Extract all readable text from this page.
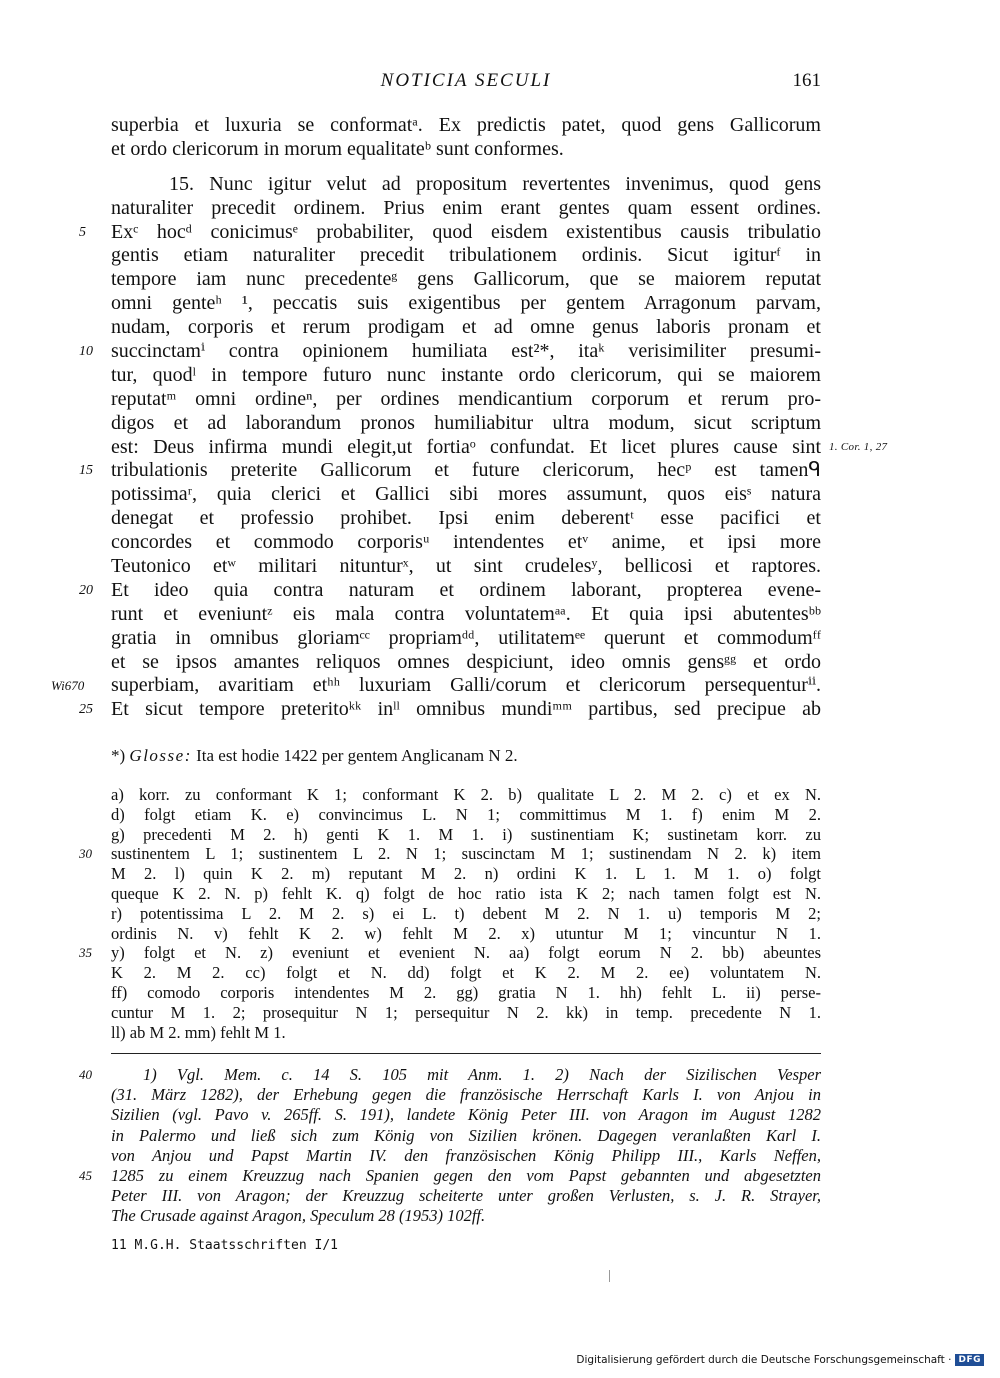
NOTICIA SECULI	161
superbia et luxuria se conformatᵃ. Ex predictis patet, quod gens Gallicorum
et ordo clericorum in morum equalitateᵇ sunt conformes.
15. Nunc igitur velut ad propositum revertentes invenimus, quod gens
naturaliter precedit ordinem. Prius enim erant gentes quam essent ordines.
5	Exᶜ hocᵈ conicimusᵉ probabiliter, quod eisdem existentibus causis tribulatio
gentis etiam naturaliter precedit tribulationem ordinis. Sicut igiturᶠ in
tempore iam nunc precedenteᵍ gens Gallicorum, que se maiorem reputat
omni genteʰ ¹, peccatis suis exigentibus per gentem Arragonum parvam,
nudam, corporis et rerum prodigam et ad omne genus laboris pronam et
10 succinctamⁱ contra opinionem humiliata est²*, itaᵏ verisimiliter presumi-
tur, quodˡ in tempore futuro nunc instante ordo clericorum, qui se maiorem
reputatᵐ omni ordineⁿ, per ordines mendicantium corporum et rerum pro-
digos et ad laborandum pronos humiliabitur ultra modum, sicut scriptum
est: Deus infirma mundi elegit,ut fortiaᵒ confundat. Et licet plures cause sint 1. Cor. 1, 27
15 tribulationis preterite Gallicorum et future clericorum, hecᵖ est tamenᑫ
potissimaʳ, quia clerici et Gallici sibi mores assumunt, quos eisˢ natura
denegat et professio prohibet. Ipsi enim deberentᵗ esse pacifici et
concordes et commodo corporisᵘ intendentes etᵛ anime, et ipsi more
Teutonico etʷ militari nitunturˣ, ut sint crudelesʸ, bellicosi et raptores.
20 Et ideo quia contra naturam et ordinem laborant, propterea evene-
runt et eveniuntᶻ eis mala contra voluntatemᵃᵃ. Et quia ipsi abutentesᵇᵇ
gratia in omnibus gloriamᶜᶜ propriamᵈᵈ, utilitatemᵉᵉ querunt et commodumᶠᶠ
et se ipsos amantes reliquos omnes despiciunt, ideo omnis gensᵍᵍ et ordo
Wi670	superbiam, avaritiam etʰʰ luxuriam Galli/corum et clericorum persequenturⁱⁱ.
25 Et sicut tempore preteritoᵏᵏ inˡˡ omnibus mundiᵐᵐ partibus, sed precipue ab
*) Glosse: Ita est hodie 1422 per gentem Anglicanam N 2.
a) korr. zu conformant K 1; conformant K 2. b) qualitate L 2. M 2. c) et ex N.
d) folgt etiam K. e) convincimus L. N 1; committimus M 1. f) enim M 2.
g) precedenti M 2. h) genti K 1. M 1. i) sustinentiam K; sustinetam korr. zu
30	sustinentem L 1; sustinentem L 2. N 1; suscinctam M 1; sustinendam N 2. k) item
M 2. l) quin K 2. m) reputant M 2. n) ordini K 1. L 1. M 1. o) folgt
queque K 2. N. p) fehlt K. q) folgt de hoc ratio ista K 2; nach tamen folgt est N.
r) potentissima L 2. M 2. s) ei L. t) debent M 2. N 1. u) temporis M 2;
ordinis N. v) fehlt K 2. w) fehlt M 2. x) utuntur M 1; vincuntur N 1.
35	y) folgt et N. z) eveniunt et evenient N. aa) folgt eorum N 2. bb) abeuntes
K 2. M 2. cc) folgt et N. dd) folgt et K 2. M 2. ee) voluntatem N.
ff) comodo corporis intendentes M 2. gg) gratia N 1. hh) fehlt L. ii) perse-
cuntur M 1. 2; prosequitur N 1; persequitur N 2. kk) in temp. precedente N 1.
ll) ab M 2. mm) fehlt M 1.
40	1) Vgl. Mem. c. 14 S. 105 mit Anm. 1. 2) Nach der Sizilischen Vesper
(31. März 1282), der Erhebung gegen die französische Herrschaft Karls I. von Anjou in
Sizilien (vgl. Pavo v. 265ff. S. 191), landete König Peter III. von Aragon im August 1282
in Palermo und ließ sich zum König von Sizilien krönen. Dagegen veranlaßten Karl I.
von Anjou und Papst Martin IV. den französischen König Philipp III., Karls Neffen,
45	1285 zu einem Kreuzzug nach Spanien gegen den vom Papst gebannten und abgesetzten
Peter III. von Aragon; der Kreuzzug scheiterte unter großen Verlusten, s. J. R. Strayer,
The Crusade against Aragon, Speculum 28 (1953) 102ff.
11 M.G.H. Staatsschriften I/1
Digitalisierung gefördert durch die Deutsche Forschungsgemeinschaft · DFG
